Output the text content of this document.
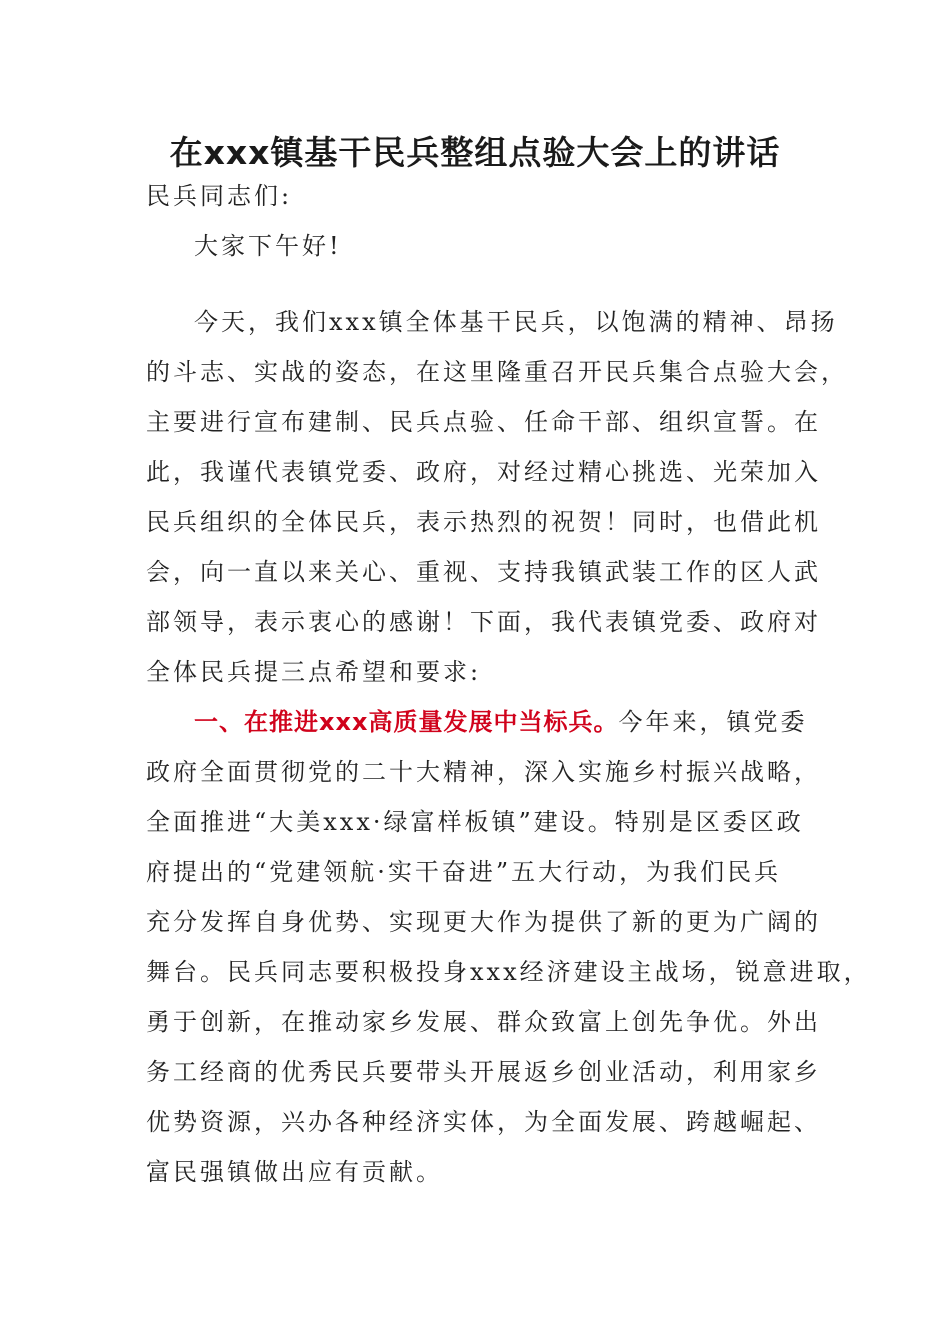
在xxx镇基干民兵整组点验大会上的讲话
民兵同志们:
大家下午好!
今天，我们xxx镇全体基干民兵，以饱满的精神、昂扬
的斗志、实战的姿态，在这里隆重召开民兵集合点验大会，
主要进行宣布建制、民兵点验、任命干部、组织宣誓。在
此，我谨代表镇党委、政府，对经过精心挑选、光荣加入
民兵组织的全体民兵，表示热烈的祝贺！同时，也借此机
会，向一直以来关心、重视、支持我镇武装工作的区人武
部领导，表示衷心的感谢！下面，我代表镇党委、政府对
全体民兵提三点希望和要求:
一、在推进xxx高质量发展中当标兵。今年来，镇党委
政府全面贯彻党的二十大精神，深入实施乡村振兴战略，
全面推进“大美xxx·绿富样板镇”建设。特别是区委区政
府提出的“党建领航·实干奋进”五大行动，为我们民兵
充分发挥自身优势、实现更大作为提供了新的更为广阔的
舞台。民兵同志要积极投身xxx经济建设主战场，锐意进取，
勇于创新，在推动家乡发展、群众致富上创先争优。外出
务工经商的优秀民兵要带头开展返乡创业活动，利用家乡
优势资源，兴办各种经济实体，为全面发展、跨越崛起、
富民强镇做出应有贡献。
